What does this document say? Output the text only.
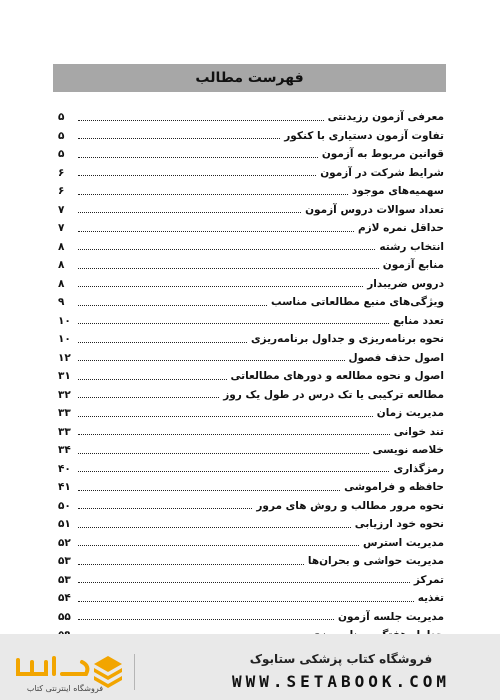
فهرست مطالب
معرفی آزمون رزیدنتی
۵
تفاوت آزمون دستیاری با کنکور
۵
قوانین مربوط به آزمون
۵
شرایط شرکت در آزمون
۶
سهمیه‌های موجود
۶
تعداد سوالات دروس آزمون
۷
حداقل نمره لازم
۷
انتخاب رشته
۸
منابع آزمون
۸
دروس ضریبدار
۸
ویژگی‌های منبع مطالعاتی مناسب
۹
تعدد منابع
۱۰
نحوه برنامه‌ریزی و جداول برنامه‌ریزی
۱۰
اصول حذف فصول
۱۲
اصول و نحوه مطالعه و دورهای مطالعاتی
۳۱
مطالعه ترکیبی یا تک درس در طول یک روز
۳۲
مدیریت زمان
۳۳
تند خوانی
۳۳
خلاصه نویسی
۳۴
رمزگذاری
۴۰
حافظه و فراموشی
۴۱
نحوه مرور مطالب و روش های مرور
۵۰
نحوه خود ارزیابی
۵۱
مدیریت استرس
۵۲
مدیریت حواشی و بحران‌ها
۵۳
تمرکز
۵۳
تغذیه
۵۴
مدیریت جلسه آزمون
۵۵
فروشگاه اینترنتی کتاب
فروشگاه کتاب پزشکی ستابوک
WWW.SETABOOK.COM
